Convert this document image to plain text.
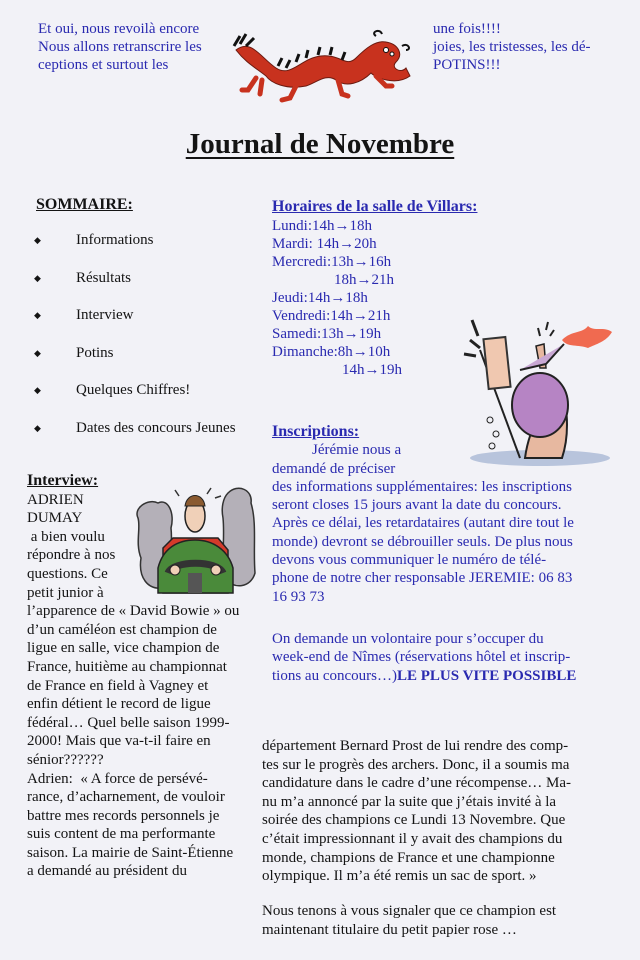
Et oui, nous revoilà encore
Nous allons retranscrire les
ceptions et surtout les
une fois!!!!
joies, les tristesses, les dé-
POTINS!!!
Journal de Novembre
SOMMAIRE:
◆	Informations
◆	Résultats
◆	Interview
◆	Potins
◆	Quelques Chiffres!
◆	Dates des concours Jeunes
Horaires de la salle de Villars:
Lundi:14h→18h
Mardi: 14h→20h
Mercredi:13h→16h
18h→21h
Jeudi:14h→18h
Vendredi:14h→21h
Samedi:13h→19h
Dimanche:8h→10h
14h→19h
Inscriptions:
Jérémie nous a
demandé de préciser
des informations supplémentaires: les inscriptions
seront closes 15 jours avant la date du concours.
Après ce délai, les retardataires (autant dire tout le
monde) devront se débrouiller seuls. De plus nous
devons vous communiquer le numéro de télé-
phone de notre cher responsable JEREMIE: 06 83
16 93 73
On demande un volontaire pour s’occuper du
week-end de Nîmes (réservations hôtel et inscrip-
tions au concours…)LE PLUS VITE POSSIBLE
Interview:
ADRIEN
DUMAY
a bien voulu
répondre à nos
questions. Ce
petit junior à
l’apparence de « David Bowie » ou
d’un caméléon est champion de
ligue en salle, vice champion de
France, huitième au championnat
de France en field à Vagney et
enfin détient le record de ligue
fédéral… Quel belle saison 1999-
2000! Mais que va-t-il faire en
sénior??????
Adrien:  « A force de persévé-
rance, d’acharnement, de vouloir
battre mes records personnels je
suis content de ma performante
saison. La mairie de Saint-Étienne
a demandé au président du
département Bernard Prost de lui rendre des comp-
tes sur le progrès des archers. Donc, il a soumis ma
candidature dans le cadre d’une récompense… Ma-
nu m’a annoncé par la suite que j’étais invité à la
soirée des champions ce Lundi 13 Novembre. Que
c’était impressionnant il y avait des champions du
monde, champions de France et une championne
olympique. Il m’a été remis un sac de sport. »
Nous tenons à vous signaler que ce champion est
maintenant titulaire du petit papier rose …
